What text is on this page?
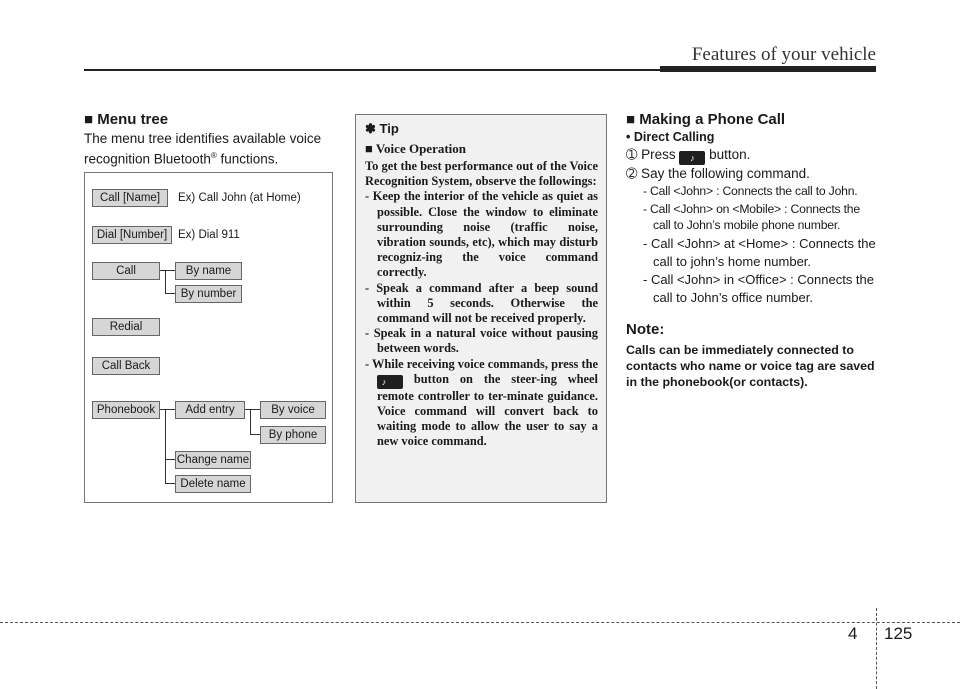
Features of your vehicle
■ Menu tree
The menu tree identifies available voice
recognition Bluetooth® functions.
Call [Name]	Ex) Call John (at Home)
Dial [Number] Ex) Dial 911
Call	By name
By number
Redial
Call Back
Phonebook	Add entry	By voice
By phone
Change name
Delete name
✽ Tip
■ Voice Operation
To get the best performance out of the Voice Recognition System, observe the followings:
- Keep the interior of the vehicle as quiet as possible. Close the window to eliminate surrounding noise (traffic noise, vibration sounds, etc), which may disturb recogniz-ing the voice command correctly.
- Speak a command after a beep sound within 5 seconds. Otherwise the command will not be received properly.
- Speak in a natural voice without pausing between words.
- While receiving voice commands, press the ♪ button on the steer-ing wheel remote controller to ter-minate guidance. Voice command will convert back to waiting mode to allow the user to say a new voice command.
■ Making a Phone Call
• Direct Calling
➀ Press ♪ button.
➁ Say the following command.
- Call <John> : Connects the call to John.
- Call <John> on <Mobile> : Connects the call to John’s mobile phone number.
- Call <John> at <Home> : Connects the call to john’s home number.
- Call <John> in <Office> : Connects the call to John’s office number.
Note:
Calls can be immediately connected to contacts who name or voice tag are saved in the phonebook(or contacts).
4 125
